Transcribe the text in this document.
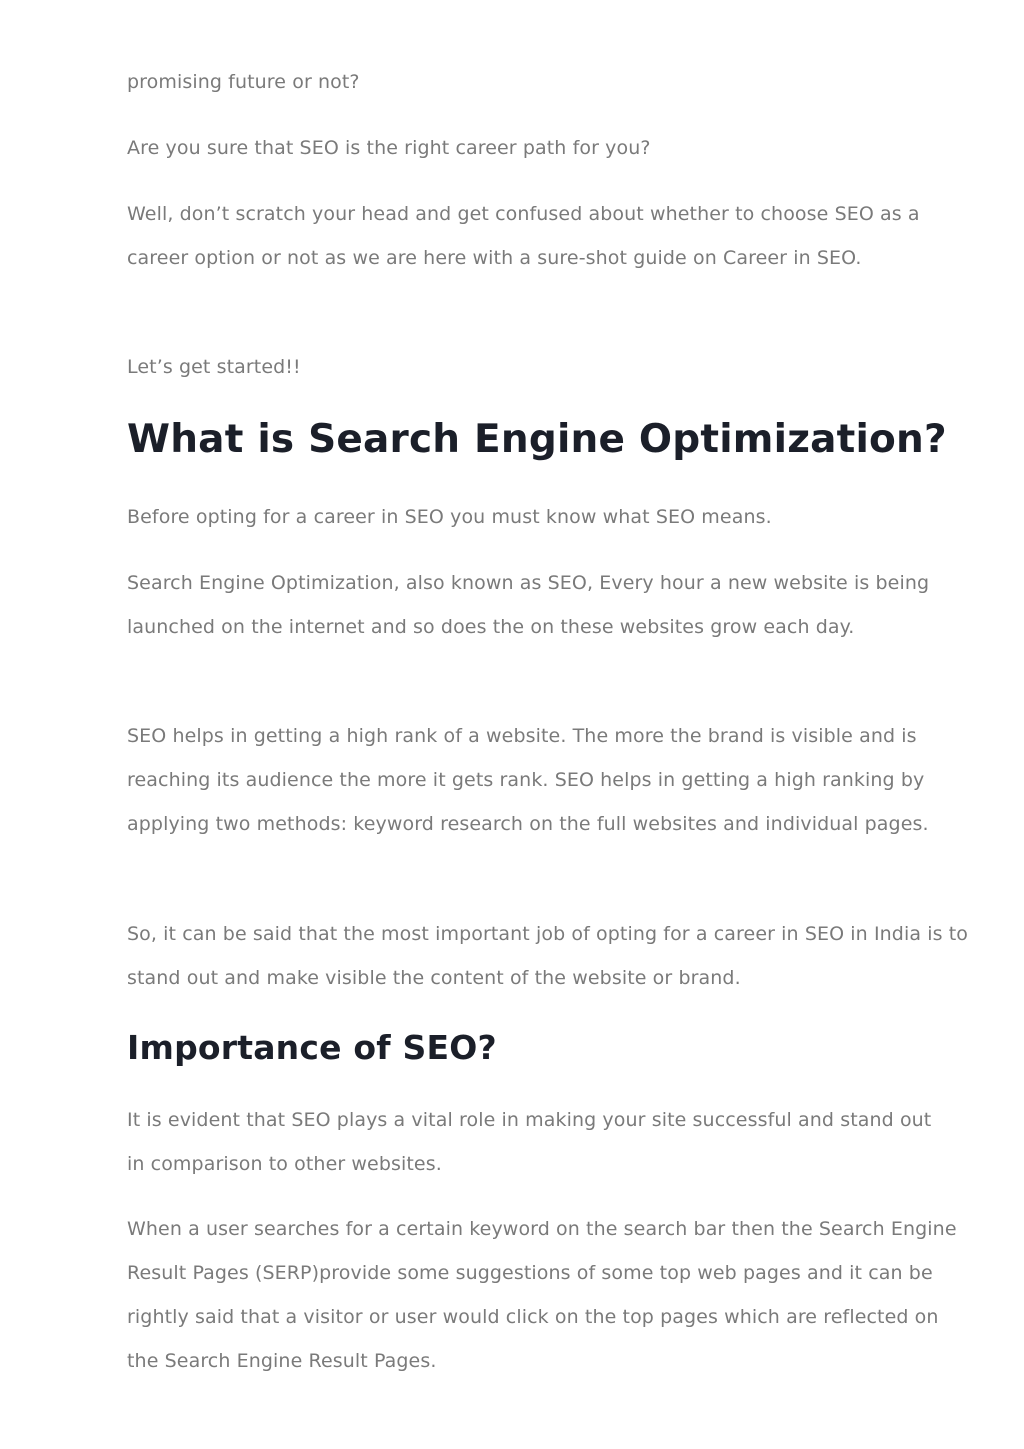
promising future or not?

Are you sure that SEO is the right career path for you?

Well, don’t scratch your head and get confused about whether to choose SEO as a career option or not as we are here with a sure-shot guide on Career in SEO.

Let’s get started!!

What is Search Engine Optimization?

Before opting for a career in SEO you must know what SEO means.

Search Engine Optimization, also known as SEO, Every hour a new website is being launched on the internet and so does the on these websites grow each day.

SEO helps in getting a high rank of a website. The more the brand is visible and is reaching its audience the more it gets rank. SEO helps in getting a high ranking by applying two methods: keyword research on the full websites and individual pages.

So, it can be said that the most important job of opting for a career in SEO in India is to stand out and make visible the content of the website or brand.

Importance of SEO?

It is evident that SEO plays a vital role in making your site successful and stand out in comparison to other websites.

When a user searches for a certain keyword on the search bar then the Search Engine Result Pages (SERP)provide some suggestions of some top web pages and it can be rightly said that a visitor or user would click on the top pages which are reflected on the Search Engine Result Pages.
